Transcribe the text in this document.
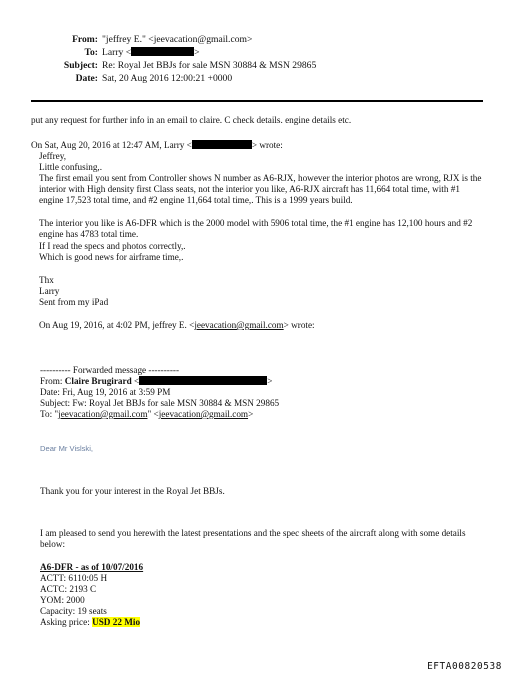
From: "jeffrey E." <jeevacation@gmail.com>
To: Larry <	>
Subject: Re: Royal Jet BBJs for sale MSN 30884 & MSN 29865
Date: Sat, 20 Aug 2016 12:00:21 +0000
put any request for further info in an email to claire. C check details. engine details etc.
On Sat, Aug 20, 2016 at 12:47 AM, Larry <	> wrote:
Jeffrey,
Little confusing,.
The first email you sent from Controller shows N number as A6-RJX, however the interior photos are wrong, RJX is the interior with High density first Class seats, not the interior you like, A6-RJX aircraft has 11,664 total time, with #1 engine 17,523 total time, and #2 engine 11,664 total time,. This is a 1999 years build.
The interior you like is A6-DFR which is the 2000 model with 5906 total time, the #1 engine has 12,100 hours and #2 engine has 4783 total time.
If I read the specs and photos correctly,.
Which is good news for airframe time,.
Thx
Larry
Sent from my iPad
On Aug 19, 2016, at 4:02 PM, jeffrey E. <jeevacation@gmail.com> wrote:
---------- Forwarded message ----------
From: Claire Brugirard <	>
Date: Fri, Aug 19, 2016 at 3:59 PM
Subject: Fw: Royal Jet BBJs for sale MSN 30884 & MSN 29865
To: "jeevacation@gmail.com" <jeevacation@gmail.com>
Dear Mr Vislski,
Thank you for your interest in the Royal Jet BBJs.
I am pleased to send you herewith the latest presentations and the spec sheets of the aircraft along with some details below:
A6-DFR - as of 10/07/2016
ACTT: 6110:05 H
ACTC: 2193 C
YOM: 2000
Capacity: 19 seats
Asking price: USD 22 Mio
EFTA00820538
